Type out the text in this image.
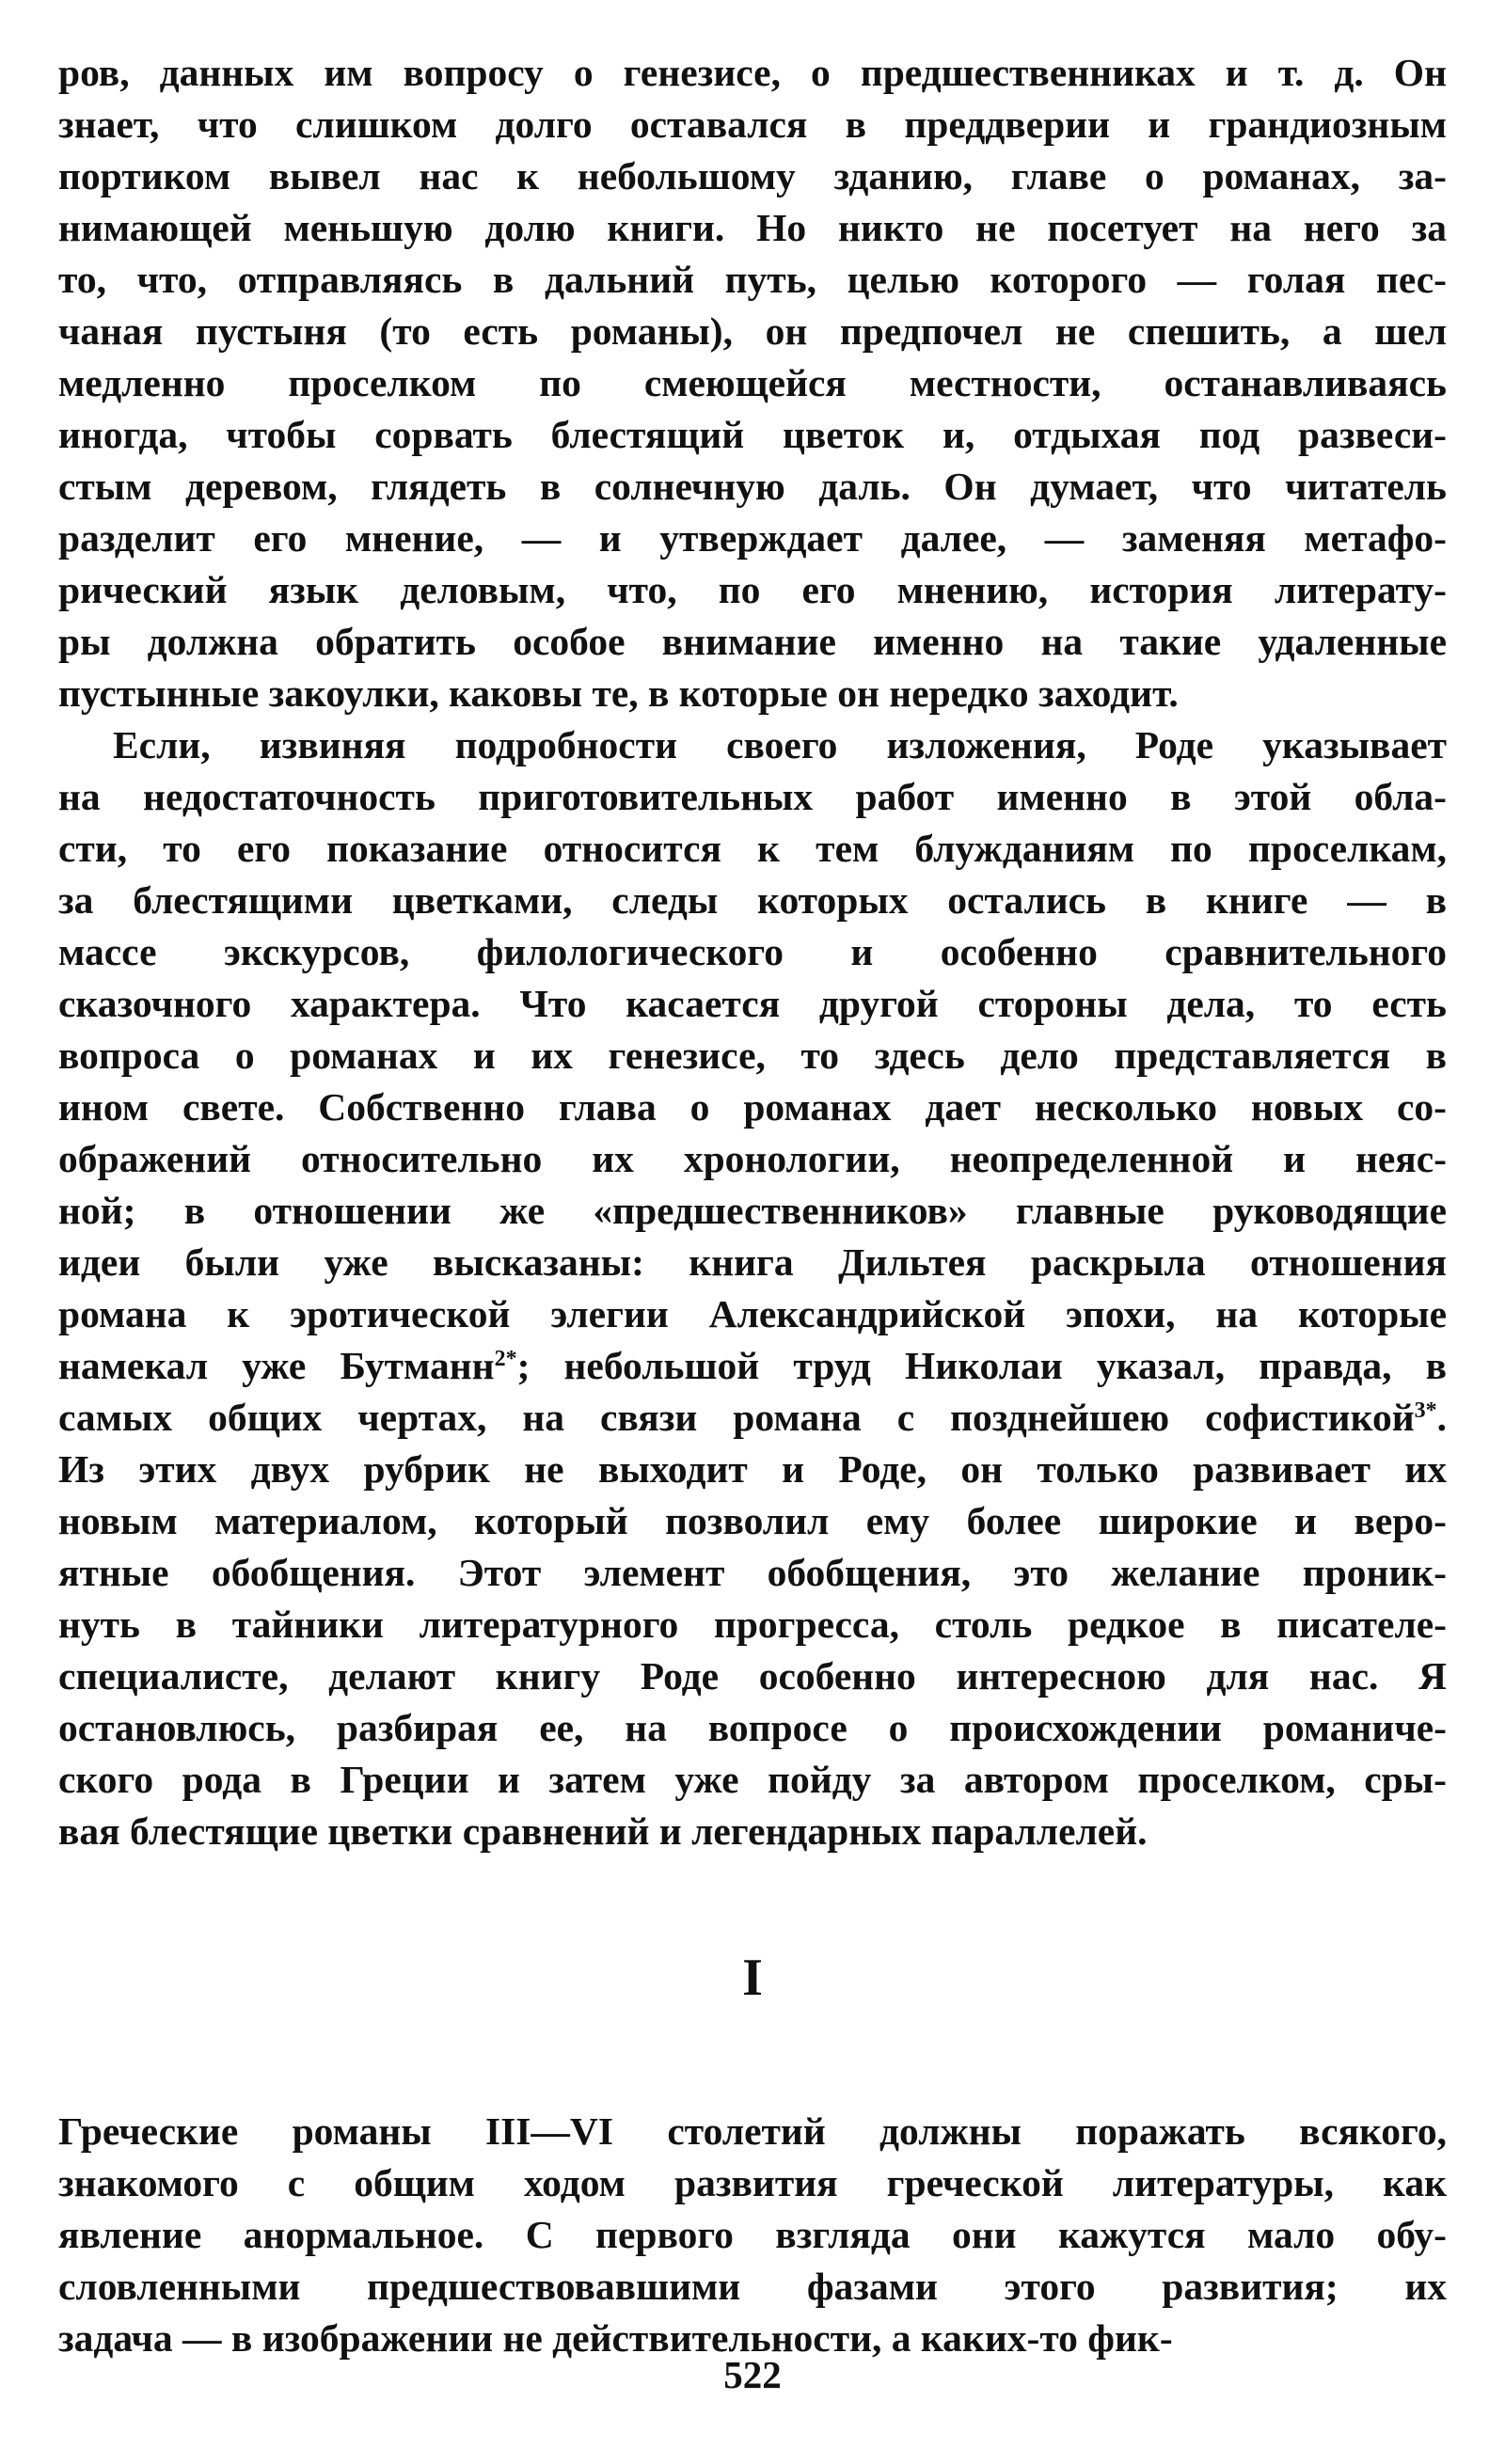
ров, данных им вопросу о генезисе, о предшественниках и т. д. Он
знает, что слишком долго оставался в преддверии и грандиозным
портиком вывел нас к небольшому зданию, главе о романах, за-
нимающей меньшую долю книги. Но никто не посетует на него за
то, что, отправляясь в дальний путь, целью которого — голая пес-
чаная пустыня (то есть романы), он предпочел не спешить, а шел
медленно проселком по смеющейся местности, останавливаясь
иногда, чтобы сорвать блестящий цветок и, отдыхая под развеси-
стым деревом, глядеть в солнечную даль. Он думает, что читатель
разделит его мнение, — и утверждает далее, — заменяя метафо-
рический язык деловым, что, по его мнению, история литерату-
ры должна обратить особое внимание именно на такие удаленные
пустынные закоулки, каковы те, в которые он нередко заходит.
Если, извиняя подробности своего изложения, Роде указывает
на недостаточность приготовительных работ именно в этой обла-
сти, то его показание относится к тем блужданиям по проселкам,
за блестящими цветками, следы которых остались в книге — в
массе экскурсов, филологического и особенно сравнительного
сказочного характера. Что касается другой стороны дела, то есть
вопроса о романах и их генезисе, то здесь дело представляется в
ином свете. Собственно глава о романах дает несколько новых со-
ображений относительно их хронологии, неопределенной и неяс-
ной; в отношении же «предшественников» главные руководящие
идеи были уже высказаны: книга Дильтея раскрыла отношения
романа к эротической элегии Александрийской эпохи, на которые
намекал уже Бутманн$^{2*}$; небольшой труд Николаи указал, правда, в
самых общих чертах, на связи романа с позднейшею софистикой$^{3*}$.
Из этих двух рубрик не выходит и Роде, он только развивает их
новым материалом, который позволил ему более широкие и веро-
ятные обобщения. Этот элемент обобщения, это желание проник-
нуть в тайники литературного прогресса, столь редкое в писателе-
специалисте, делают книгу Роде особенно интересною для нас. Я
остановлюсь, разбирая ее, на вопросе о происхождении романиче-
ского рода в Греции и затем уже пойду за автором проселком, сры-
вая блестящие цветки сравнений и легендарных параллелей.
I
Греческие романы III—VI столетий должны поражать всякого,
знакомого с общим ходом развития греческой литературы, как
явление анормальное. С первого взгляда они кажутся мало обу-
словленными предшествовавшими фазами этого развития; их
задача — в изображении не действительности, а каких-то фик-
522
